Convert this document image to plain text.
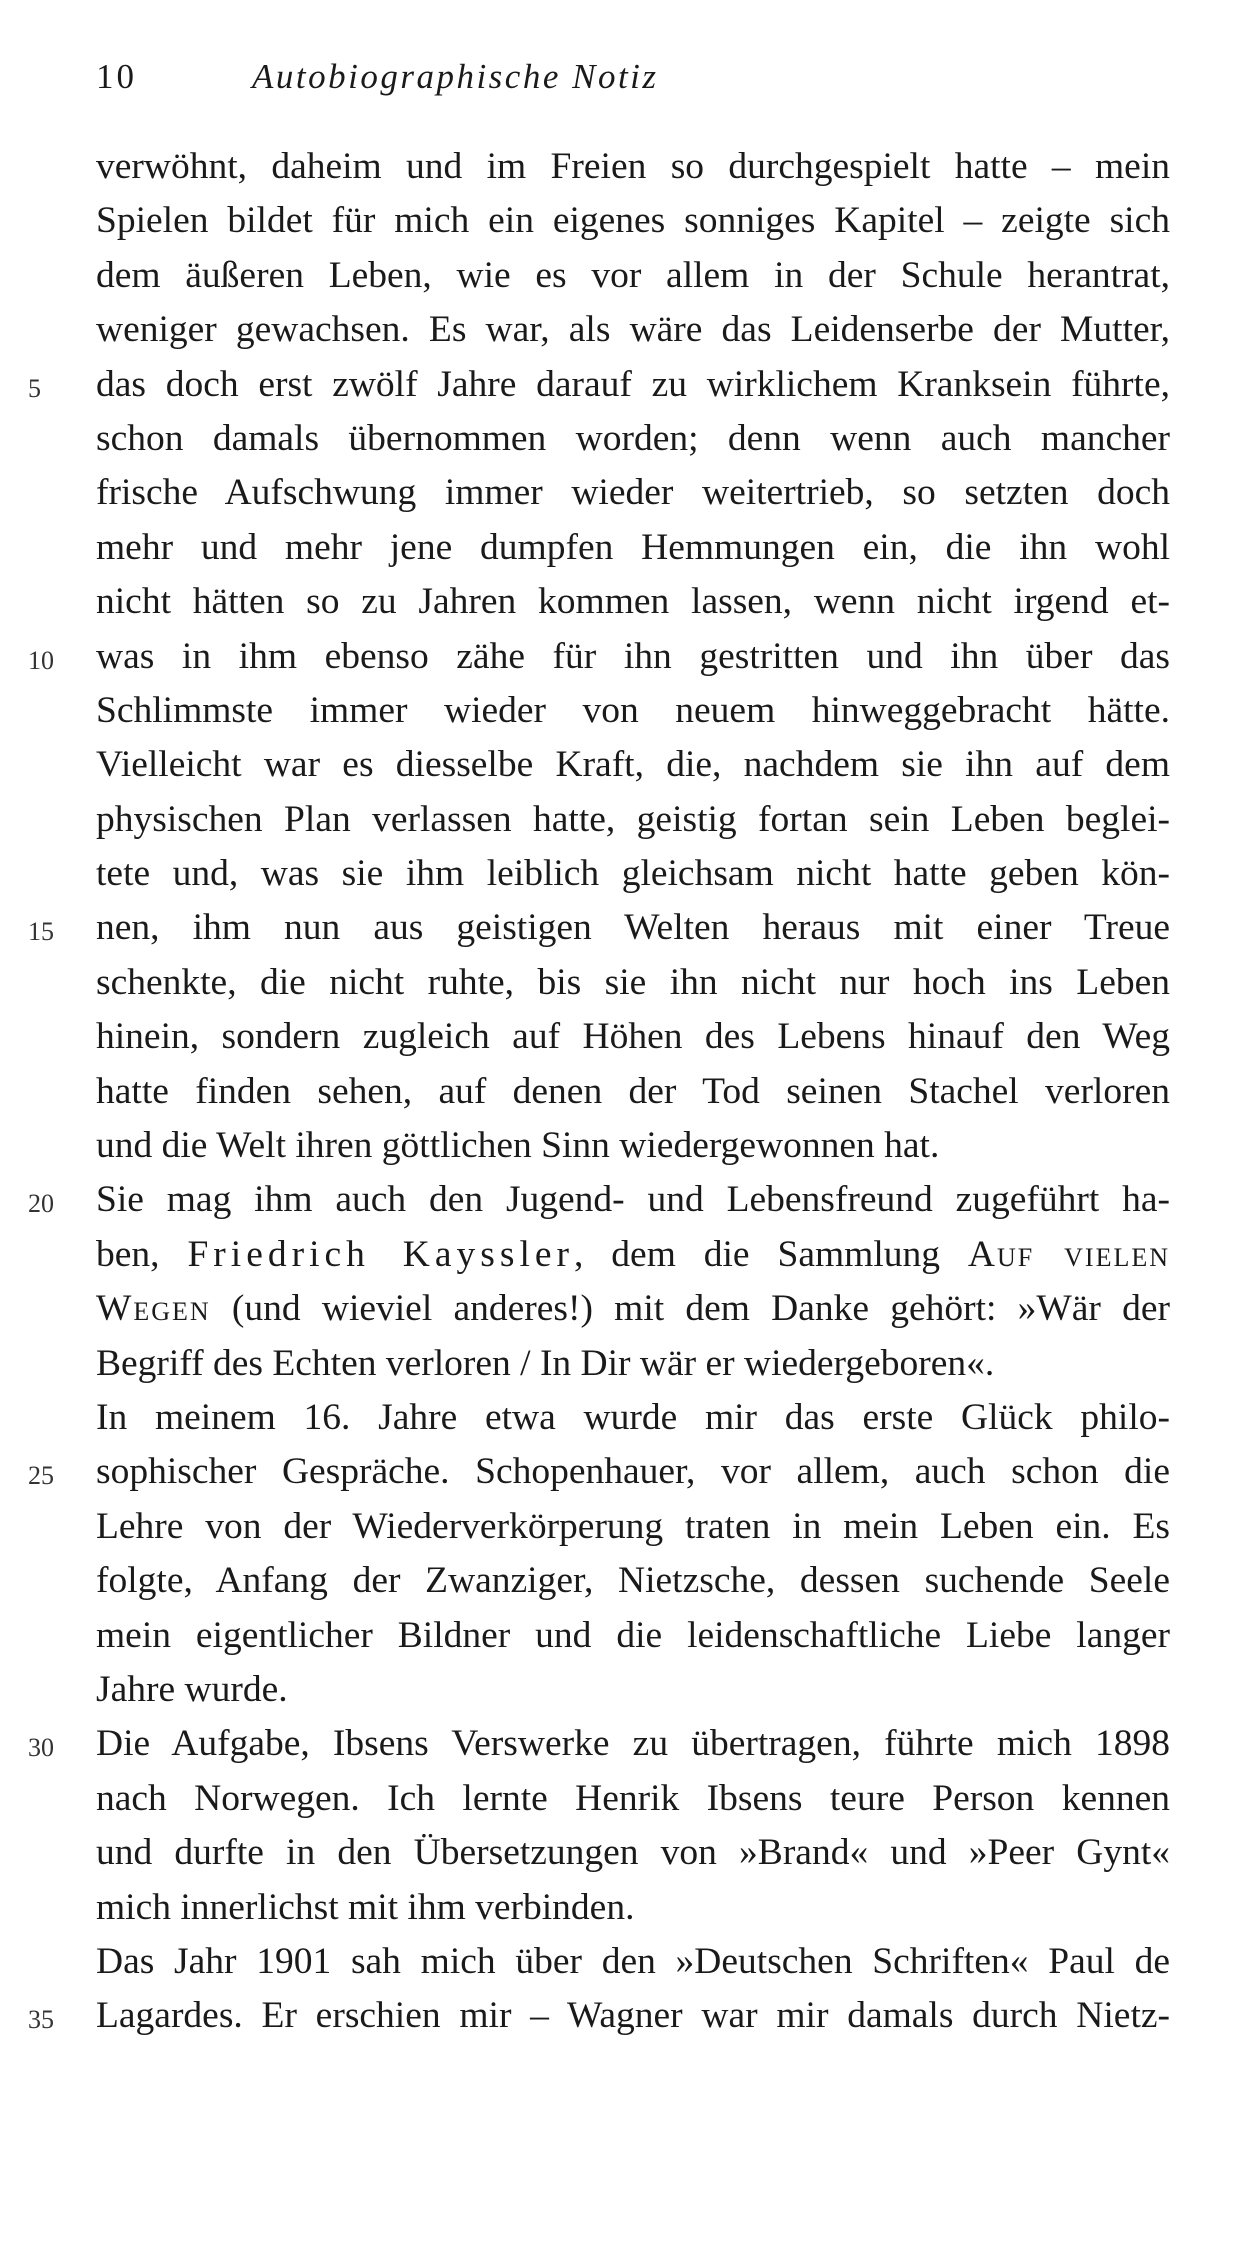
10	Autobiographische Notiz
verwöhnt, daheim und im Freien so durchgespielt hatte – mein
Spielen bildet für mich ein eigenes sonniges Kapitel – zeigte sich
dem äußeren Leben, wie es vor allem in der Schule herantrat,
weniger gewachsen. Es war, als wäre das Leidenserbe der Mutter,
5	das doch erst zwölf Jahre darauf zu wirklichem Kranksein führte,
schon damals übernommen worden; denn wenn auch mancher
frische Aufschwung immer wieder weitertrieb, so setzten doch
mehr und mehr jene dumpfen Hemmungen ein, die ihn wohl
nicht hätten so zu Jahren kommen lassen, wenn nicht irgend et-
10	was in ihm ebenso zähe für ihn gestritten und ihn über das
Schlimmste immer wieder von neuem hinweggebracht hätte.
Vielleicht war es diesselbe Kraft, die, nachdem sie ihn auf dem
physischen Plan verlassen hatte, geistig fortan sein Leben beglei-
tete und, was sie ihm leiblich gleichsam nicht hatte geben kön-
15	nen, ihm nun aus geistigen Welten heraus mit einer Treue
schenkte, die nicht ruhte, bis sie ihn nicht nur hoch ins Leben
hinein, sondern zugleich auf Höhen des Lebens hinauf den Weg
hatte finden sehen, auf denen der Tod seinen Stachel verloren
und die Welt ihren göttlichen Sinn wiedergewonnen hat.
20	Sie mag ihm auch den Jugend- und Lebensfreund zugeführt ha-
ben, Friedrich Kayssler, dem die Sammlung Auf vielen
Wegen (und wieviel anderes!) mit dem Danke gehört: »Wär der
Begriff des Echten verloren / In Dir wär er wiedergeboren«.
In meinem 16. Jahre etwa wurde mir das erste Glück philo-
25	sophischer Gespräche. Schopenhauer, vor allem, auch schon die
Lehre von der Wiederverkörperung traten in mein Leben ein. Es
folgte, Anfang der Zwanziger, Nietzsche, dessen suchende Seele
mein eigentlicher Bildner und die leidenschaftliche Liebe langer
Jahre wurde.
30	Die Aufgabe, Ibsens Verswerke zu übertragen, führte mich 1898
nach Norwegen. Ich lernte Henrik Ibsens teure Person kennen
und durfte in den Übersetzungen von »Brand« und »Peer Gynt«
mich innerlichst mit ihm verbinden.
Das Jahr 1901 sah mich über den »Deutschen Schriften« Paul de
35	Lagardes. Er erschien mir – Wagner war mir damals durch Nietz-
